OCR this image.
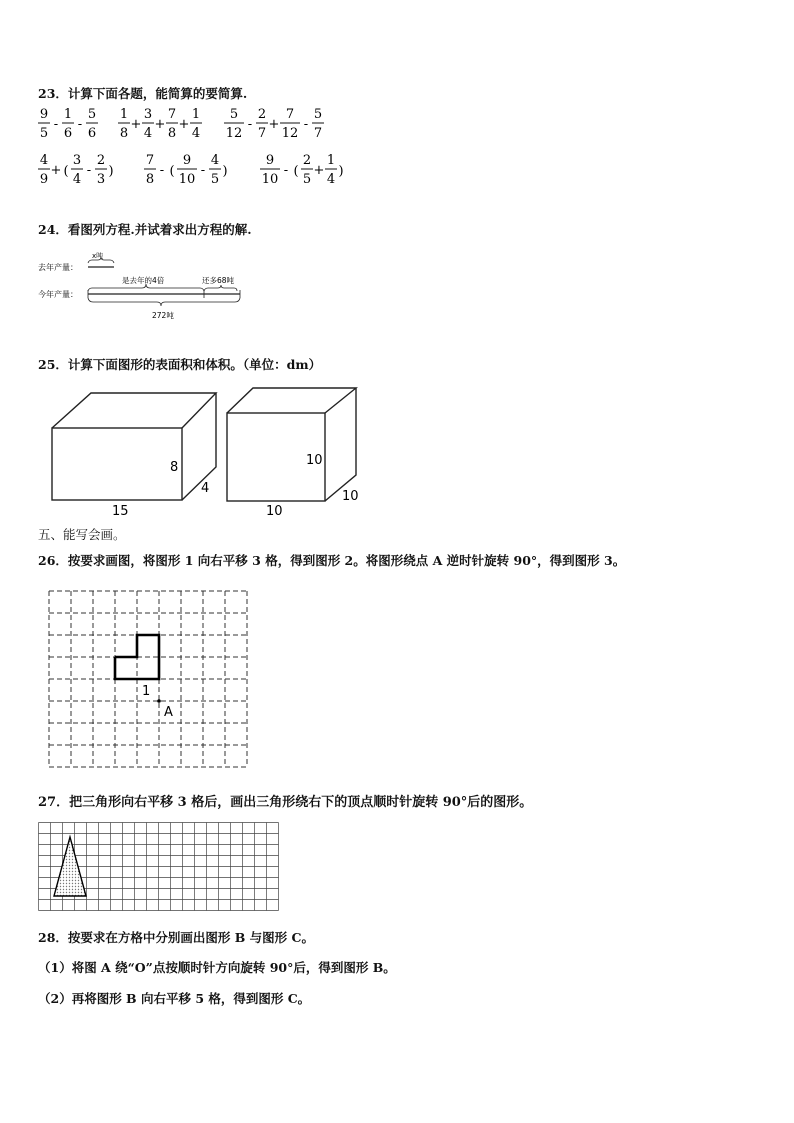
23．计算下面各题，能简算的要简算.
9
5
-
1
6
-
5
6
1
8
+
3
4
+
7
8
+
1
4
5
12
-
2
7
+
7
12
-
5
7
4
9
+ (
3
4
-
2
3
)
7
8
- (
9
10
-
4
5
)
9
10
- (
2
5
+
1
4
)
24．看图列方程.并试着求出方程的解.
去年产量：
今年产量：
x吨
是去年的4倍	还多68吨
272吨
25．计算下面图形的表面积和体积。（单位：dm）
8
4
15
10
10
10
五、能写会画。
26．按要求画图，将图形 1 向右平移 3 格，得到图形 2。将图形绕点 A 逆时针旋转 90°，得到图形 3。
1
A
27．把三角形向右平移 3 格后，画出三角形绕右下的顶点顺时针旋转 90°后的图形。
28．按要求在方格中分别画出图形 B 与图形 C。
（1）将图 A 绕“O”点按顺时针方向旋转 90°后，得到图形 B。
（2）再将图形 B 向右平移 5 格，得到图形 C。
